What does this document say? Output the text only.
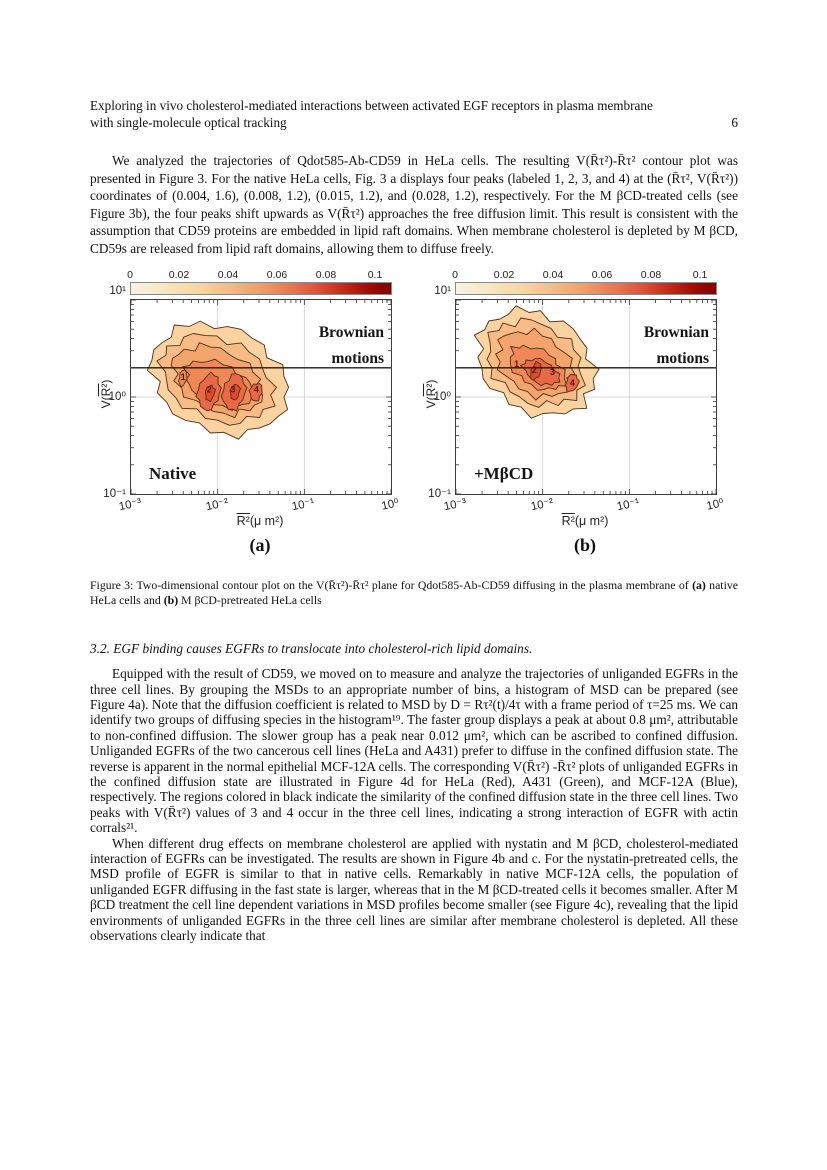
Exploring in vivo cholesterol-mediated interactions between activated EGF receptors in plasma membrane
with single-molecule optical tracking	6

We analyzed the trajectories of Qdot585-Ab-CD59 in HeLa cells. The resulting V(R̄τ²)-R̄τ² contour plot was presented in Figure 3. For the native HeLa cells, Fig. 3 a displays four peaks (labeled 1, 2, 3, and 4) at the (R̄τ², V(R̄τ²)) coordinates of (0.004, 1.6), (0.008, 1.2), (0.015, 1.2), and (0.028, 1.2), respectively. For the M βCD-treated cells (see Figure 3b), the four peaks shift upwards as V(R̄τ²) approaches the free diffusion limit. This result is consistent with the assumption that CD59 proteins are embedded in lipid raft domains. When membrane cholesterol is depleted by M βCD, CD59s are released from lipid raft domains, allowing them to diffuse freely.

0	0.02	0.04	0.06	0.08	0.1
1
2 3 4
Brownian
motions
Native
10¹
10⁰
10⁻¹
V(R²)
10⁻³	10⁻²	10⁻¹	10⁰
R²(μ m²)
(a)
0	0.02	0.04	0.06	0.08	0.1
1
2 3
4
Brownian
motions
+MβCD
10¹
10⁰
10⁻¹
V(R²)
10⁻³	10⁻²	10⁻¹	10⁰
R²(μ m²)
(b)
Figure 3: Two-dimensional contour plot on the V(R̄τ²)-R̄τ² plane for Qdot585-Ab-CD59 diffusing in the plasma membrane of (a) native HeLa cells and (b) M βCD-pretreated HeLa cells
3.2. EGF binding causes EGFRs to translocate into cholesterol-rich lipid domains.

Equipped with the result of CD59, we moved on to measure and analyze the trajectories of unliganded EGFRs in the three cell lines. By grouping the MSDs to an appropriate number of bins, a histogram of MSD can be prepared (see Figure 4a). Note that the diffusion coefficient is related to MSD by D = Rτ²(t)/4τ with a frame period of τ=25 ms. We can identify two groups of diffusing species in the histogram¹⁹. The faster group displays a peak at about 0.8 μm², attributable to non-confined diffusion. The slower group has a peak near 0.012 μm², which can be ascribed to confined diffusion. Unliganded EGFRs of the two cancerous cell lines (HeLa and A431) prefer to diffuse in the confined diffusion state. The reverse is apparent in the normal epithelial MCF-12A cells. The corresponding V(R̄τ²) -R̄τ² plots of unliganded EGFRs in the confined diffusion state are illustrated in Figure 4d for HeLa (Red), A431 (Green), and MCF-12A (Blue), respectively. The regions colored in black indicate the similarity of the confined diffusion state in the three cell lines. Two peaks with V(R̄τ²) values of 3 and 4 occur in the three cell lines, indicating a strong interaction of EGFR with actin corrals²¹.

When different drug effects on membrane cholesterol are applied with nystatin and M βCD, cholesterol-mediated interaction of EGFRs can be investigated. The results are shown in Figure 4b and c. For the nystatin-pretreated cells, the MSD profile of EGFR is similar to that in native cells. Remarkably in native MCF-12A cells, the population of unliganded EGFR diffusing in the fast state is larger, whereas that in the M βCD-treated cells it becomes smaller. After M βCD treatment the cell line dependent variations in MSD profiles become smaller (see Figure 4c), revealing that the lipid environments of unliganded EGFRs in the three cell lines are similar after membrane cholesterol is depleted. All these observations clearly indicate that
